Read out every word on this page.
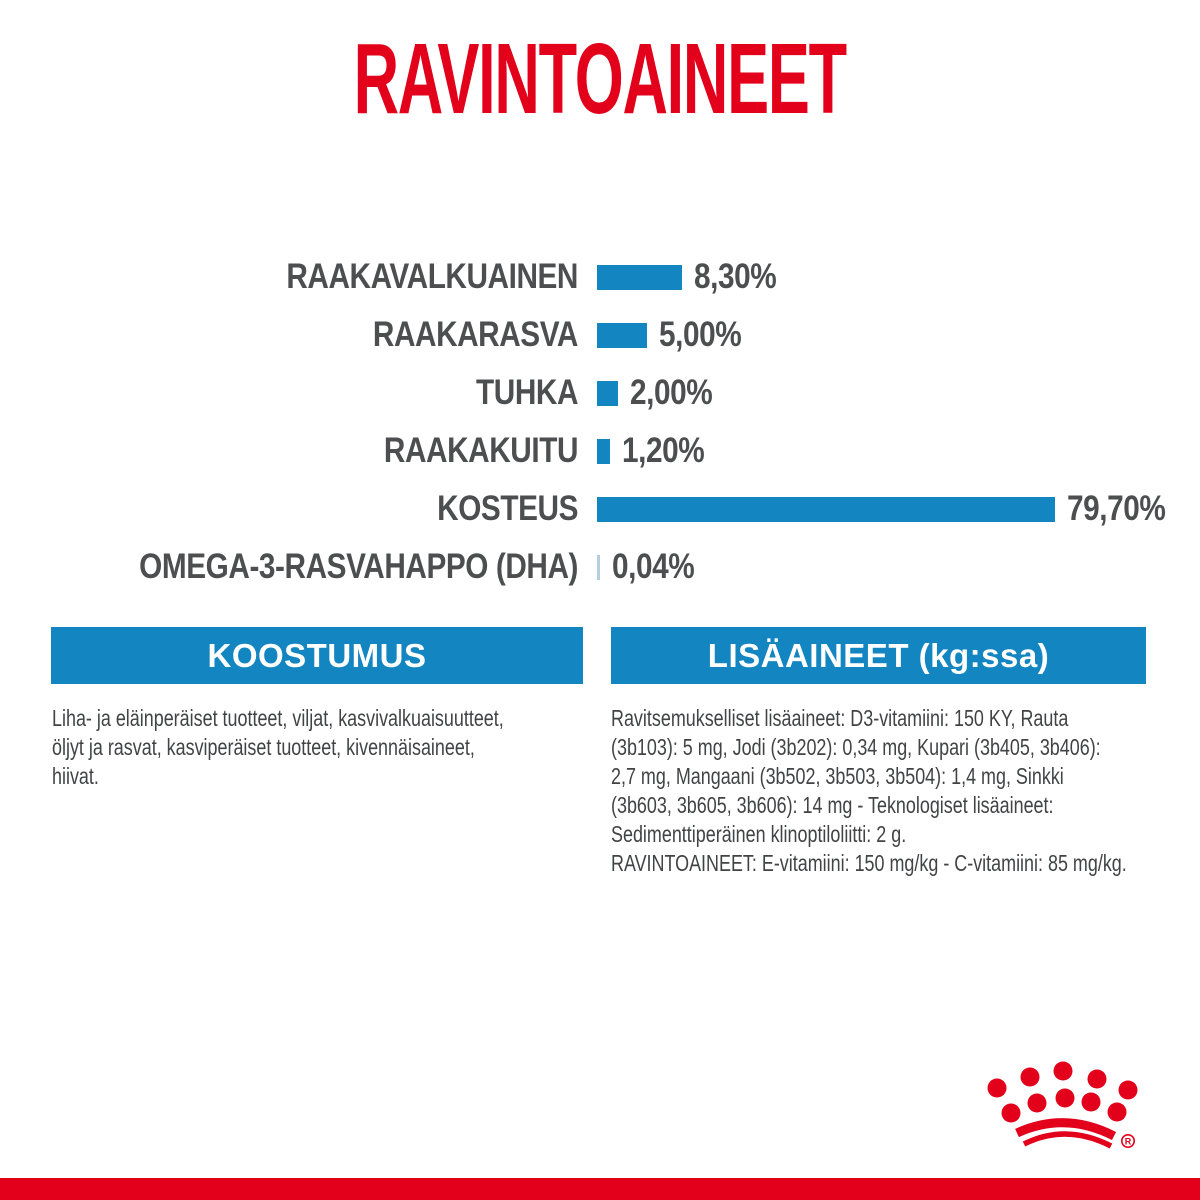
RAVINTOAINEET
RAAKAVALKUAINEN	8,30%
RAAKARASVA 5,00%
TUHKA 2,00%
RAAKAKUITU 1,20%
KOSTEUS	79,70%
OMEGA-3-RASVAHAPPO (DHA) 0,04%
KOOSTUMUS	LISÄAINEET (kg:ssa)
Liha- ja eläinperäiset tuotteet, viljat, kasvivalkuaisuutteet,
öljyt ja rasvat, kasviperäiset tuotteet, kivennäisaineet,
hiivat.
Ravitsemukselliset lisäaineet: D3-vitamiini: 150 KY, Rauta
(3b103): 5 mg, Jodi (3b202): 0,34 mg, Kupari (3b405, 3b406):
2,7 mg, Mangaani (3b502, 3b503, 3b504): 1,4 mg, Sinkki
(3b603, 3b605, 3b606): 14 mg - Teknologiset lisäaineet:
Sedimenttiperäinen klinoptiloliitti: 2 g.
RAVINTOAINEET: E-vitamiini: 150 mg/kg - C-vitamiini: 85 mg/kg.
R
